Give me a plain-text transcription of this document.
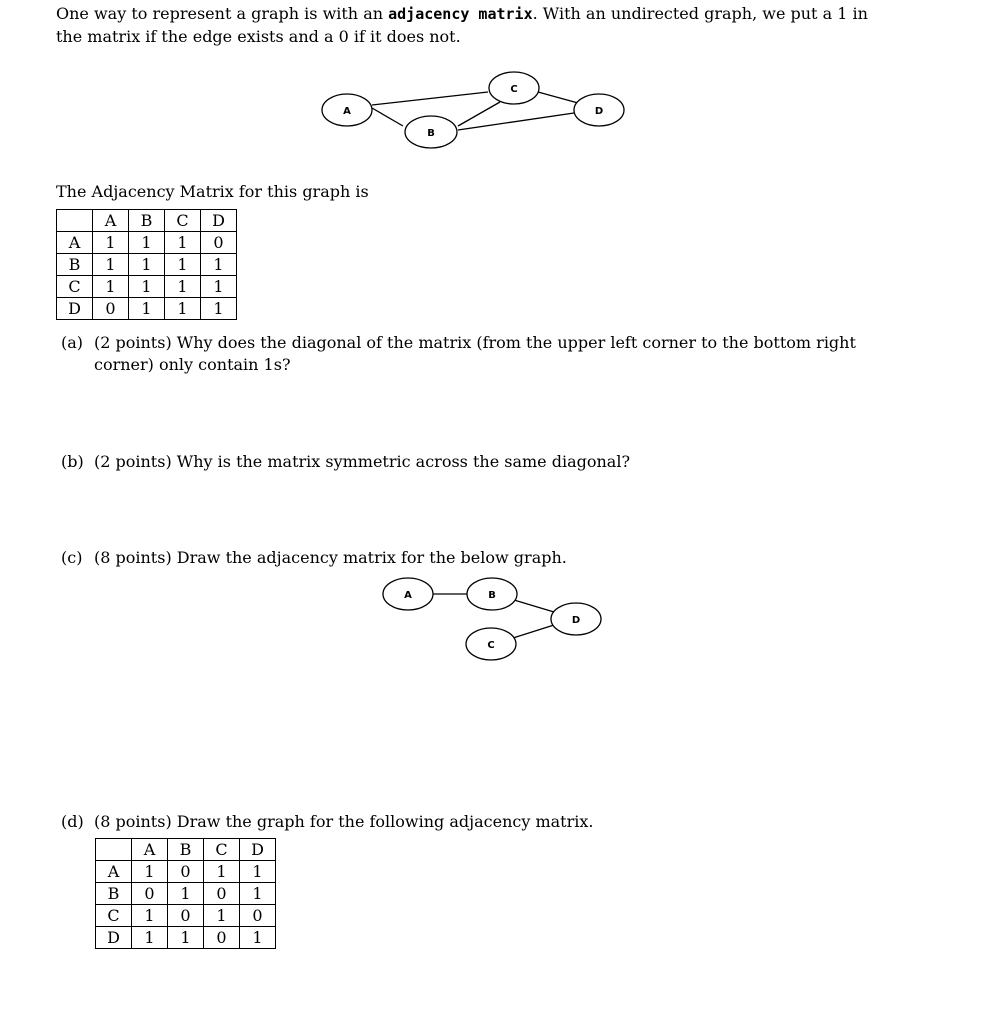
One way to represent a graph is with an adjacency matrix. With an undirected graph, we put a 1 in
the matrix if the edge exists and a 0 if it does not.
A
B
C
D
The Adjacency Matrix for this graph is
	A	B	C	D
A	1	1	1	0
B	1	1	1	1
C	1	1	1	1
D	0	1	1	1
(a) (2 points) Why does the diagonal of the matrix (from the upper left corner to the bottom right
corner) only contain 1s?
(b) (2 points) Why is the matrix symmetric across the same diagonal?
(c) (8 points) Draw the adjacency matrix for the below graph.
A	B
C
D
(d) (8 points) Draw the graph for the following adjacency matrix.
	A	B	C	D
A	1	0	1	1
B	0	1	0	1
C	1	0	1	0
D	1	1	0	1
